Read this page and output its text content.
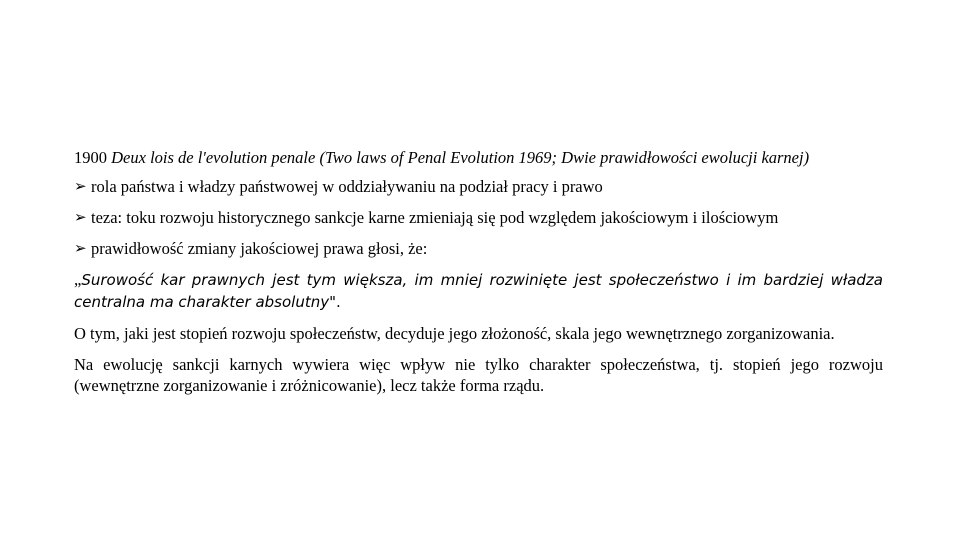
1900 Deux lois de l'evolution penale (Two laws of Penal Evolution 1969; Dwie prawidłowości ewolucji karnej)

➢ rola państwa i władzy państwowej w oddziaływaniu na podział pracy i prawo
➢ teza: toku rozwoju historycznego sankcje karne zmieniają się pod względem jakościowym i ilościowym
➢ prawidłowość zmiany jakościowej prawa głosi, że:

„Surowość kar prawnych jest tym większa, im mniej rozwinięte jest społeczeństwo i im bardziej władza centralna ma charakter absolutny".

O tym, jaki jest stopień rozwoju społeczeństw, decyduje jego złożoność, skala jego wewnętrznego zorganizowania.

Na ewolucję sankcji karnych wywiera więc wpływ nie tylko charakter społeczeństwa, tj. stopień jego rozwoju (wewnętrzne zorganizowanie i zróżnicowanie), lecz także forma rządu.
